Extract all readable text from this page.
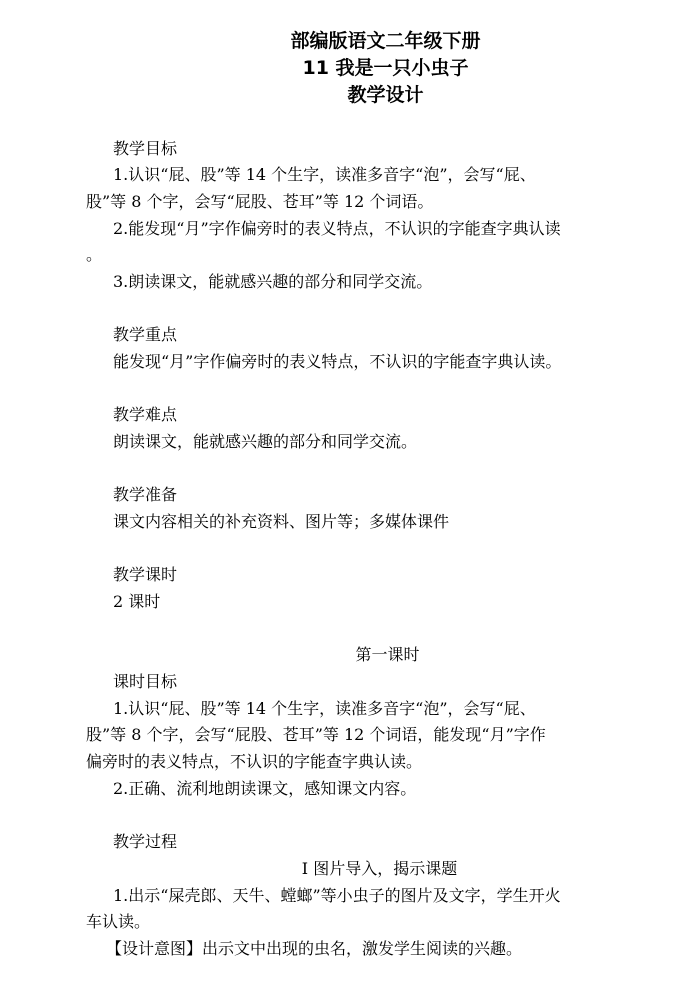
部编版语文二年级下册
11 我是一只小虫子
教学设计
教学目标
1.认识“屁、股”等 14 个生字，读准多音字“泡”，会写“屁、
股”等 8 个字，会写“屁股、苍耳”等 12 个词语。
2.能发现“月”字作偏旁时的表义特点，不认识的字能查字典认读
。
3.朗读课文，能就感兴趣的部分和同学交流。
教学重点
能发现“月”字作偏旁时的表义特点，不认识的字能查字典认读。
教学难点
朗读课文，能就感兴趣的部分和同学交流。
教学准备
课文内容相关的补充资料、图片等；多媒体课件
教学课时
2 课时
第一课时
课时目标
1.认识“屁、股”等 14 个生字，读准多音字“泡”，会写“屁、
股”等 8 个字，会写“屁股、苍耳”等 12 个词语，能发现“月”字作
偏旁时的表义特点，不认识的字能查字典认读。
2.正确、流利地朗读课文，感知课文内容。
教学过程
Ⅰ 图片导入，揭示课题
1.出示“屎壳郎、天牛、螳螂”等小虫子的图片及文字，学生开火
车认读。
【设计意图】出示文中出现的虫名，激发学生阅读的兴趣。
